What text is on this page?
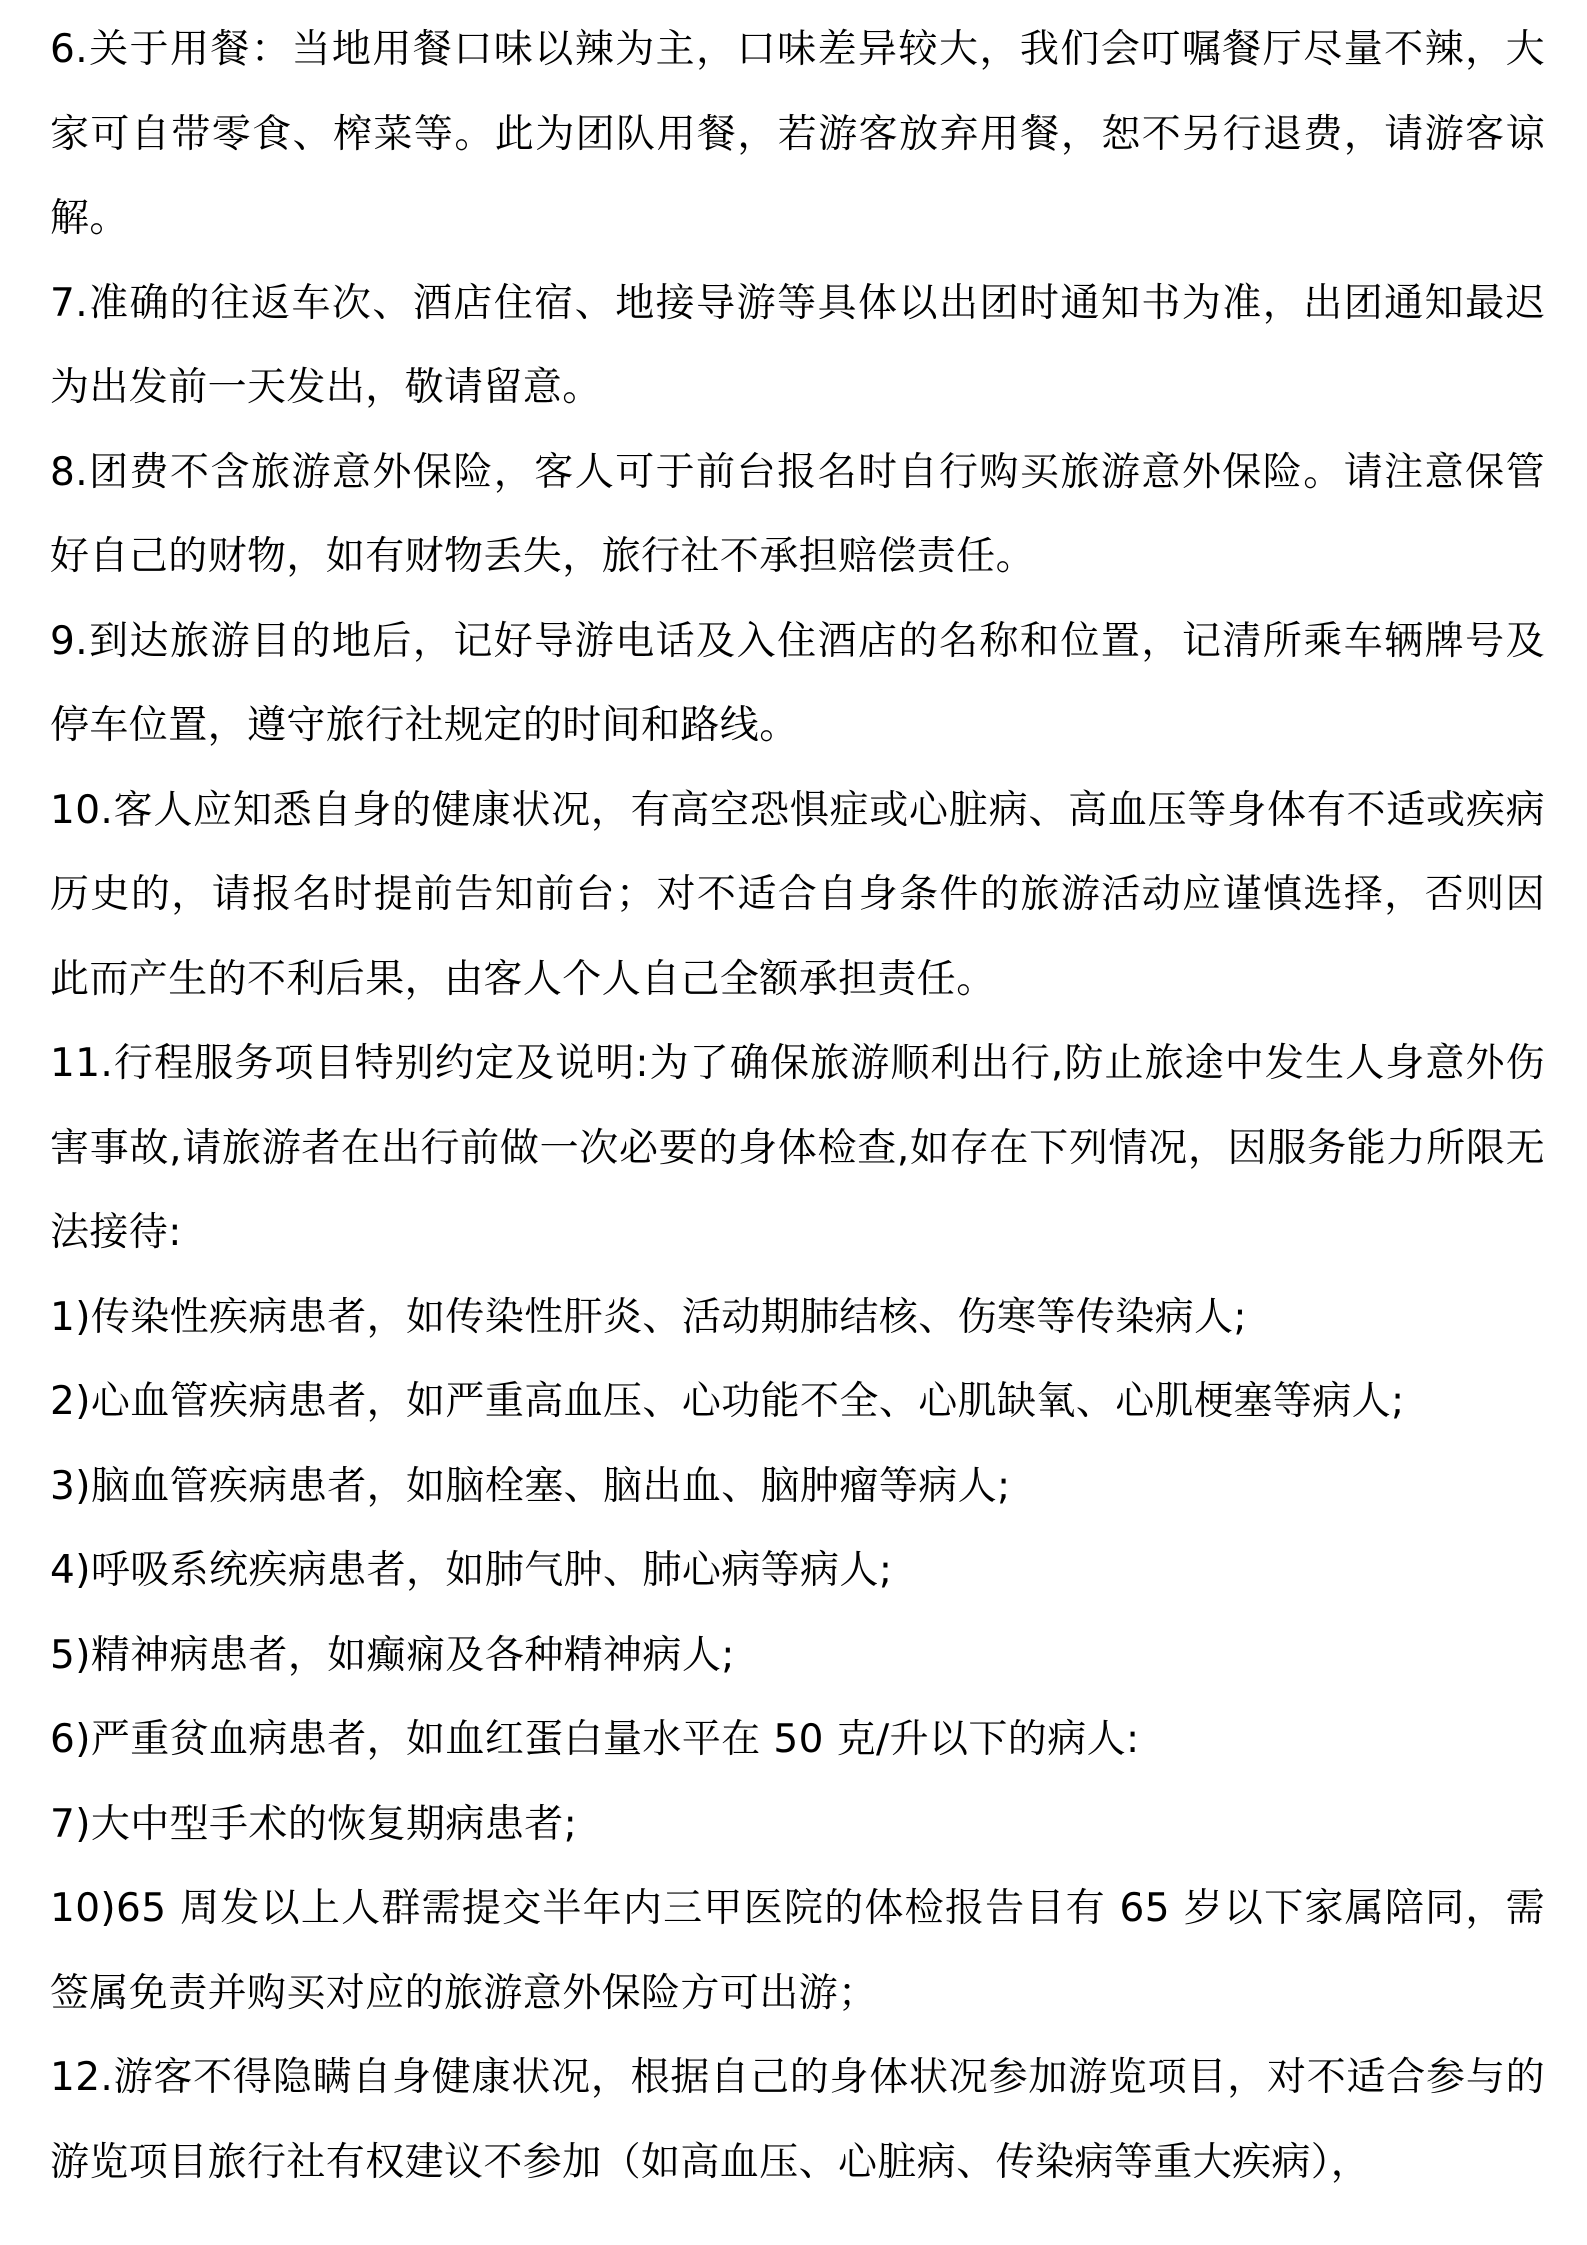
6.关于用餐：当地用餐口味以辣为主，口味差异较大，我们会叮嘱餐厅尽量不辣，大家可自带零食、榨菜等。此为团队用餐，若游客放弃用餐，恕不另行退费，请游客谅解。

7.准确的往返车次、酒店住宿、地接导游等具体以出团时通知书为准，出团通知最迟为出发前一天发出，敬请留意。

8.团费不含旅游意外保险，客人可于前台报名时自行购买旅游意外保险。请注意保管好自己的财物，如有财物丢失，旅行社不承担赔偿责任。

9.到达旅游目的地后，记好导游电话及入住酒店的名称和位置，记清所乘车辆牌号及停车位置，遵守旅行社规定的时间和路线。

10.客人应知悉自身的健康状况，有高空恐惧症或心脏病、高血压等身体有不适或疾病历史的，请报名时提前告知前台；对不适合自身条件的旅游活动应谨慎选择，否则因此而产生的不利后果，由客人个人自己全额承担责任。

11.行程服务项目特别约定及说明:为了确保旅游顺利出行,防止旅途中发生人身意外伤害事故,请旅游者在出行前做一次必要的身体检查,如存在下列情况，因服务能力所限无法接待:

1)传染性疾病患者，如传染性肝炎、活动期肺结核、伤寒等传染病人;

2)心血管疾病患者，如严重高血压、心功能不全、心肌缺氧、心肌梗塞等病人;

3)脑血管疾病患者，如脑栓塞、脑出血、脑肿瘤等病人;

4)呼吸系统疾病患者，如肺气肿、肺心病等病人;

5)精神病患者，如癫痫及各种精神病人;

6)严重贫血病患者，如血红蛋白量水平在 50 克/升以下的病人:

7)大中型手术的恢复期病患者;

10)65 周发以上人群需提交半年内三甲医院的体检报告目有 65 岁以下家属陪同，需签属免责并购买对应的旅游意外保险方可出游；

12.游客不得隐瞒自身健康状况，根据自己的身体状况参加游览项目，对不适合参与的游览项目旅行社有权建议不参加（如高血压、心脏病、传染病等重大疾病），
